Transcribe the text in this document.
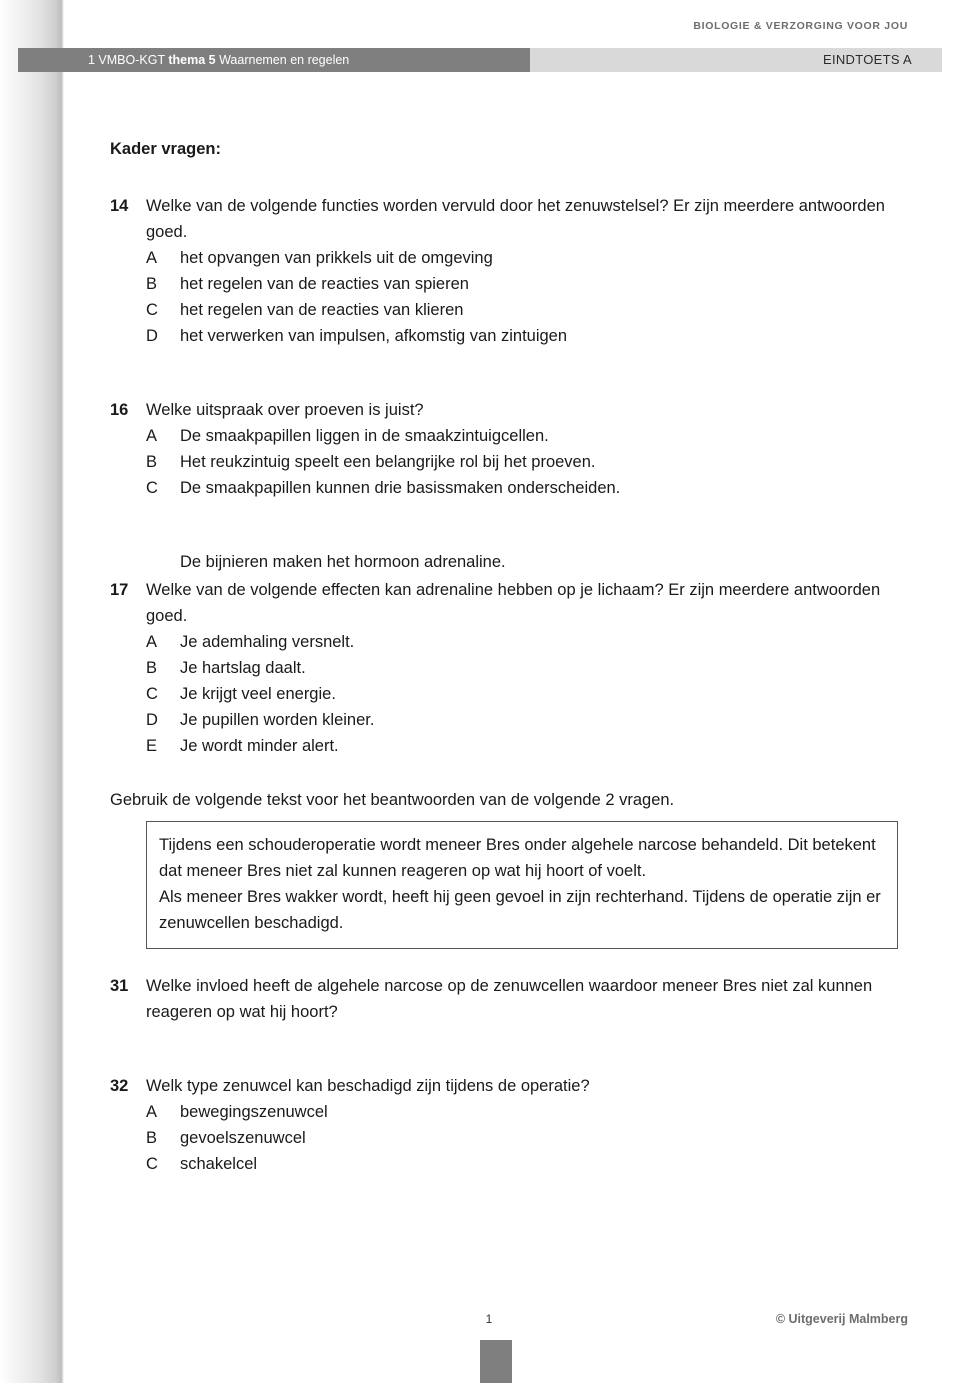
BIOLOGIE & VERZORGING VOOR JOU
1 VMBO-KGT thema 5 Waarnemen en regelen	EINDTOETS A
Kader vragen:
14	Welke van de volgende functies worden vervuld door het zenuwstelsel? Er zijn meerdere antwoorden goed.
A	het opvangen van prikkels uit de omgeving
B	het regelen van de reacties van spieren
C	het regelen van de reacties van klieren
D	het verwerken van impulsen, afkomstig van zintuigen
16	Welke uitspraak over proeven is juist?
A	De smaakpapillen liggen in de smaakzintuigcellen.
B	Het reukzintuig speelt een belangrijke rol bij het proeven.
C	De smaakpapillen kunnen drie basissmaken onderscheiden.
De bijnieren maken het hormoon adrenaline.
17	Welke van de volgende effecten kan adrenaline hebben op je lichaam? Er zijn meerdere antwoorden goed.
A	Je ademhaling versnelt.
B	Je hartslag daalt.
C	Je krijgt veel energie.
D	Je pupillen worden kleiner.
E	Je wordt minder alert.
Gebruik de volgende tekst voor het beantwoorden van de volgende 2 vragen.

Tijdens een schouderoperatie wordt meneer Bres onder algehele narcose behandeld. Dit betekent dat meneer Bres niet zal kunnen reageren op wat hij hoort of voelt.

Als meneer Bres wakker wordt, heeft hij geen gevoel in zijn rechterhand. Tijdens de operatie zijn er zenuwcellen beschadigd.

31	Welke invloed heeft de algehele narcose op de zenuwcellen waardoor meneer Bres niet zal kunnen reageren op wat hij hoort?
32	Welk type zenuwcel kan beschadigd zijn tijdens de operatie?
A	bewegingszenuwcel
B	gevoelszenuwcel
C	schakelcel
1	© Uitgeverij Malmberg
